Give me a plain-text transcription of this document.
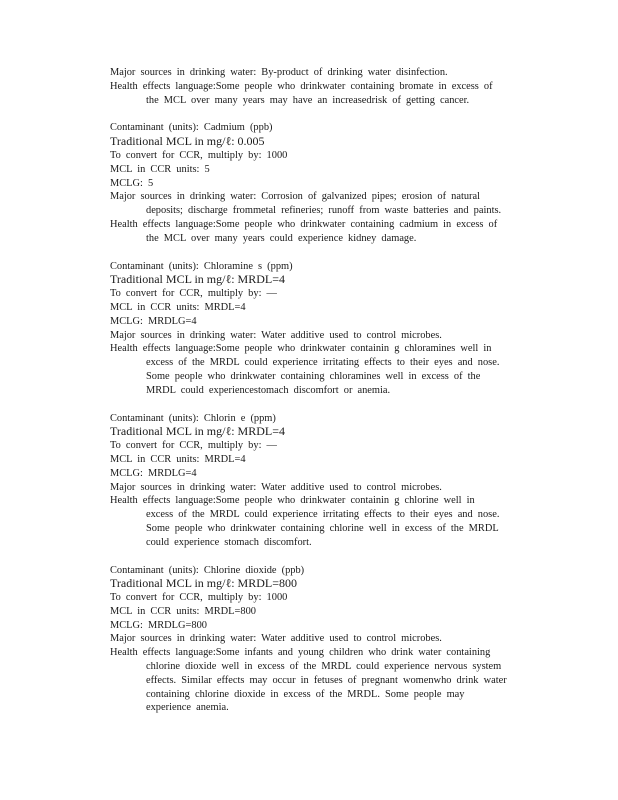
Major sources in drinking water: By-product of drinking water disinfection.
Health effects language:Some people who drinkwater containing bromate in excess of
the MCL over many years may have an increasedrisk of getting cancer.
Contaminant (units): Cadmium (ppb)
Traditional MCL in mg/ℓ: 0.005
To convert for CCR, multiply by: 1000
MCL in CCR units: 5
MCLG: 5
Major sources in drinking water: Corrosion of galvanized pipes; erosion of natural
deposits; discharge frommetal refineries; runoff from waste batteries and paints.
Health effects language:Some people who drinkwater containing cadmium in excess of
the MCL over many years could experience kidney damage.
Contaminant (units): Chloramine s (ppm)
Traditional MCL in mg/ℓ: MRDL=4
To convert for CCR, multiply by: —
MCL in CCR units: MRDL=4
MCLG: MRDLG=4
Major sources in drinking water: Water additive used to control microbes.
Health effects language:Some people who drinkwater containin g chloramines well in
excess of the MRDL could experience irritating effects to their eyes and nose.
Some people who drinkwater containing chloramines well in excess of the
MRDL could experiencestomach discomfort or anemia.
Contaminant (units): Chlorin e (ppm)
Traditional MCL in mg/ℓ: MRDL=4
To convert for CCR, multiply by: —
MCL in CCR units: MRDL=4
MCLG: MRDLG=4
Major sources in drinking water: Water additive used to control microbes.
Health effects language:Some people who drinkwater containin g chlorine well in
excess of the MRDL could experience irritating effects to their eyes and nose.
Some people who drinkwater containing chlorine well in excess of the MRDL
could experience stomach discomfort.
Contaminant (units): Chlorine dioxide (ppb)
Traditional MCL in mg/ℓ: MRDL=800
To convert for CCR, multiply by: 1000
MCL in CCR units: MRDL=800
MCLG: MRDLG=800
Major sources in drinking water: Water additive used to control microbes.
Health effects language:Some infants and young children who drink water containing
chlorine dioxide well in excess of the MRDL could experience nervous system
effects. Similar effects may occur in fetuses of pregnant womenwho drink water
containing chlorine dioxide in excess of the MRDL. Some people may
experience anemia.
